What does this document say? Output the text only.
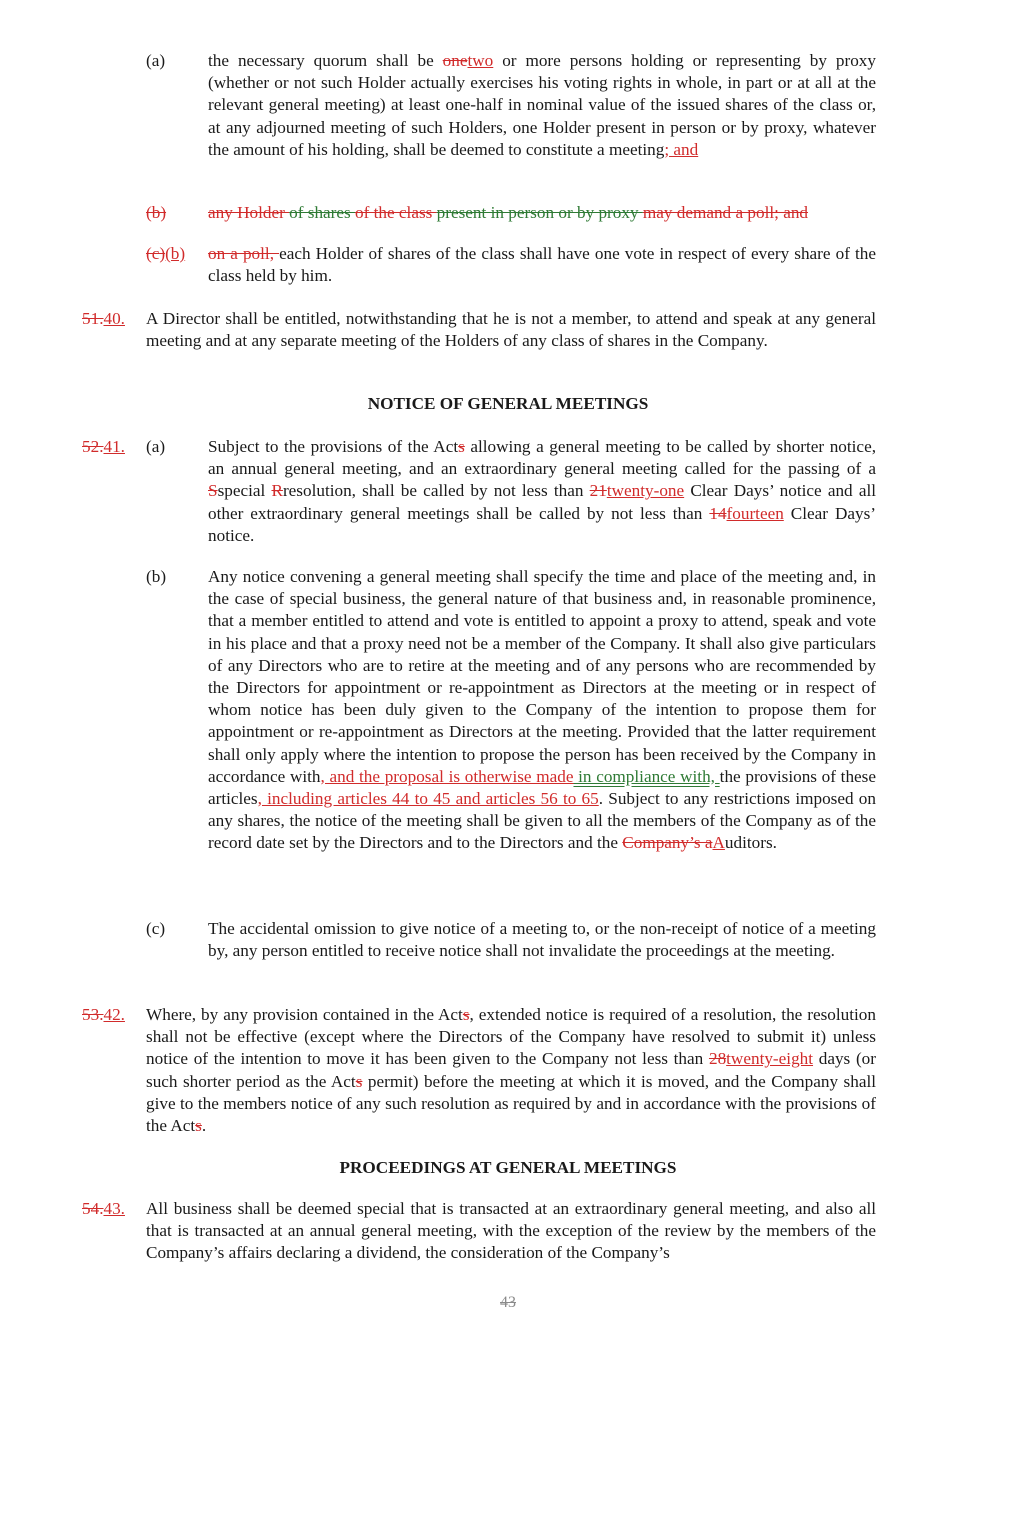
(a) the necessary quorum shall be onetwo or more persons holding or representing by proxy (whether or not such Holder actually exercises his voting rights in whole, in part or at all at the relevant general meeting) at least one-half in nominal value of the issued shares of the class or, at any adjourned meeting of such Holders, one Holder present in person or by proxy, whatever the amount of his holding, shall be deemed to constitute a meeting; and
(b) any Holder of shares of the class present in person or by proxy may demand a poll; and
(c)(b) on a poll, each Holder of shares of the class shall have one vote in respect of every share of the class held by him.
51.40. A Director shall be entitled, notwithstanding that he is not a member, to attend and speak at any general meeting and at any separate meeting of the Holders of any class of shares in the Company.
NOTICE OF GENERAL MEETINGS
52.41. (a) Subject to the provisions of the Acts allowing a general meeting to be called by shorter notice, an annual general meeting, and an extraordinary general meeting called for the passing of a Sspecial Rresolution, shall be called by not less than 21twenty-one Clear Days’ notice and all other extraordinary general meetings shall be called by not less than 14fourteen Clear Days’ notice.
(b) Any notice convening a general meeting shall specify the time and place of the meeting and, in the case of special business, the general nature of that business and, in reasonable prominence, that a member entitled to attend and vote is entitled to appoint a proxy to attend, speak and vote in his place and that a proxy need not be a member of the Company. It shall also give particulars of any Directors who are to retire at the meeting and of any persons who are recommended by the Directors for appointment or re-appointment as Directors at the meeting or in respect of whom notice has been duly given to the Company of the intention to propose them for appointment or re-appointment as Directors at the meeting. Provided that the latter requirement shall only apply where the intention to propose the person has been received by the Company in accordance with, and the proposal is otherwise made in compliance with, the provisions of these articles, including articles 44 to 45 and articles 56 to 65. Subject to any restrictions imposed on any shares, the notice of the meeting shall be given to all the members of the Company as of the record date set by the Directors and to the Directors and the Company’s aAuditors.
(c) The accidental omission to give notice of a meeting to, or the non-receipt of notice of a meeting by, any person entitled to receive notice shall not invalidate the proceedings at the meeting.
53.42. Where, by any provision contained in the Acts, extended notice is required of a resolution, the resolution shall not be effective (except where the Directors of the Company have resolved to submit it) unless notice of the intention to move it has been given to the Company not less than 28twenty-eight days (or such shorter period as the Acts permit) before the meeting at which it is moved, and the Company shall give to the members notice of any such resolution as required by and in accordance with the provisions of the Acts.
PROCEEDINGS AT GENERAL MEETINGS
54.43. All business shall be deemed special that is transacted at an extraordinary general meeting, and also all that is transacted at an annual general meeting, with the exception of the review by the members of the Company’s affairs declaring a dividend, the consideration of the Company’s
43
